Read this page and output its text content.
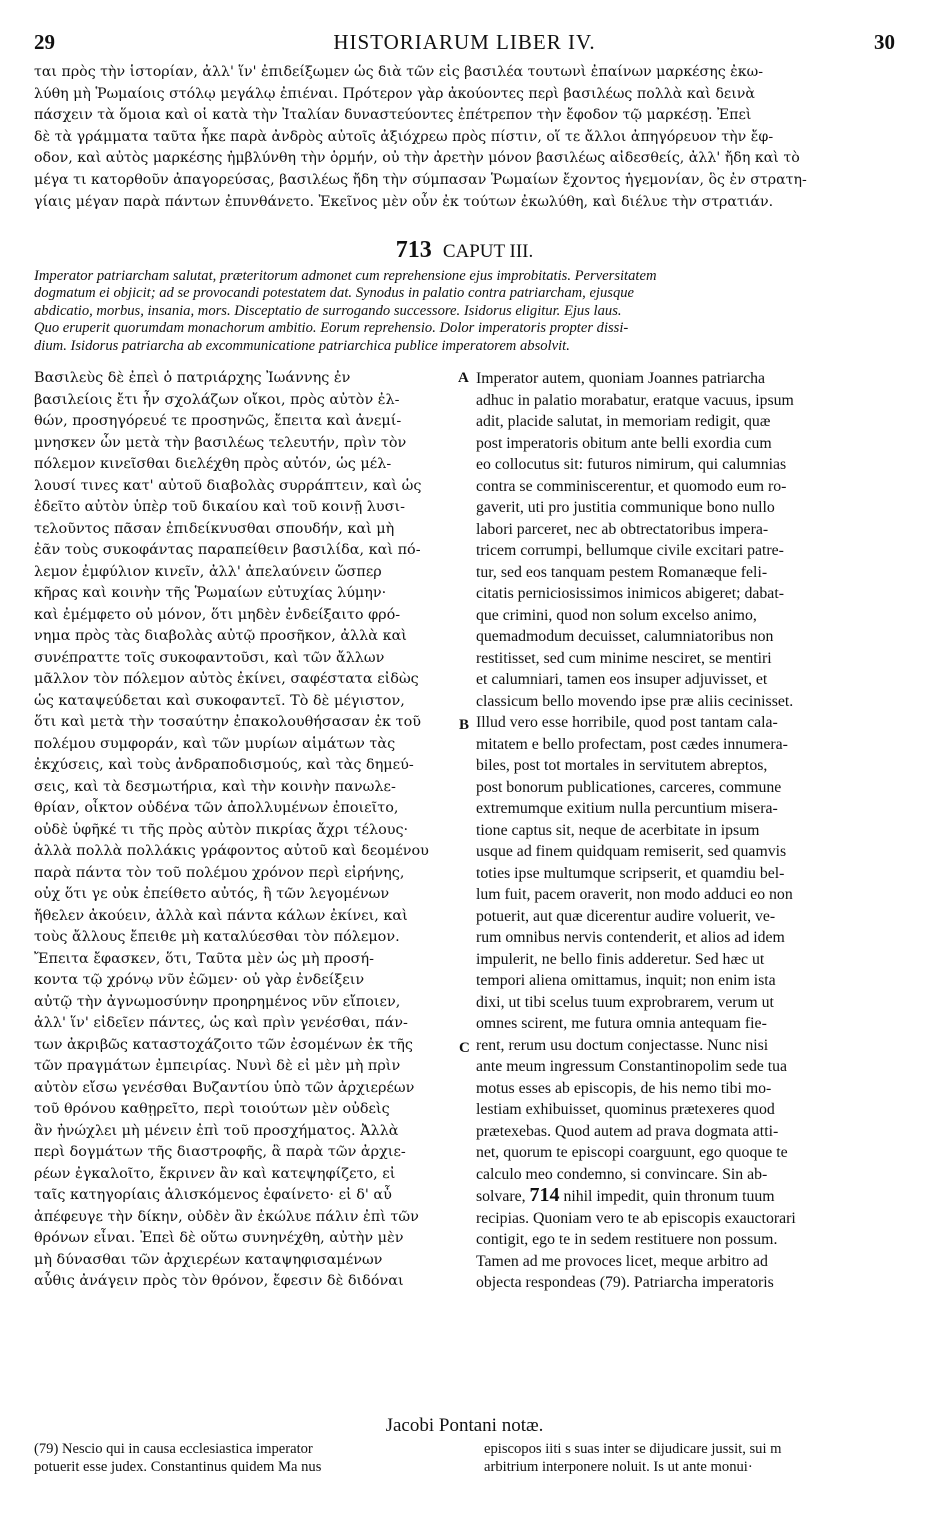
29	HISTORIARUM LIBER IV.	30

ται πρὸς τὴν ἱστορίαν, ἀλλ' ἵν' ἐπιδείξωμεν ὡς διὰ τῶν εἰς βασιλέα τουτωνὶ ἐπαίνων μαρκέσης ἐκω-

λύθη μὴ Ῥωμαίοις στόλῳ μεγάλῳ ἐπιέναι. Πρότερον γὰρ ἀκούοντες περὶ βασιλέως πολλὰ καὶ δεινὰ

πάσχειν τὰ ὅμοια καὶ οἱ κατὰ τὴν Ἰταλίαν δυναστεύοντες ἐπέτρεπον τὴν ἔφοδον τῷ μαρκέσῃ. Ἐπεὶ

δὲ τὰ γράμματα ταῦτα ἧκε παρὰ ἀνδρὸς αὐτοῖς ἀξιόχρεω πρὸς πίστιν, οἵ τε ἄλλοι ἀπηγόρευον τὴν ἔφ-

οδον, καὶ αὐτὸς μαρκέσης ἠμβλύνθη τὴν ὁρμήν, οὐ τὴν ἀρετὴν μόνον βασιλέως αἰδεσθείς, ἀλλ' ἤδη καὶ τὸ

μέγα τι κατορθοῦν ἀπαγορεύσας, βασιλέως ἤδη τὴν σύμπασαν Ῥωμαίων ἔχοντος ἡγεμονίαν, ὃς ἐν στρατη-

γίαις μέγαν παρὰ πάντων ἐπυνθάνετο. Ἐκεῖνος μὲν οὖν ἐκ τούτων ἐκωλύθη, καὶ διέλυε τὴν στρατιάν.

713 CAPUT III.

Imperator patriarcham salutat, præteritorum admonet cum reprehensione ejus improbitatis. Perversitatem

dogmatum ei objicit; ad se provocandi potestatem dat. Synodus in palatio contra patriarcham, ejusque

abdicatio, morbus, insania, mors. Disceptatio de surrogando successore. Isidorus eligitur. Ejus laus.

Quo eruperit quorumdam monachorum ambitio. Eorum reprehensio. Dolor imperatoris propter dissi-

dium. Isidorus patriarcha ab excommunicatione patriarchica publice imperatorem absolvit.

Βασιλεὺς δὲ ἐπεὶ ὁ πατριάρχης Ἰωάννης ἐν

βασιλείοις ἔτι ἦν σχολάζων οἴκοι, πρὸς αὐτὸν ἐλ-

θών, προσηγόρευέ τε προσηνῶς, ἔπειτα καὶ ἀνεμί-

μνησκεν ὧν μετὰ τὴν βασιλέως τελευτήν, πρὶν τὸν

πόλεμον κινεῖσθαι διελέχθη πρὸς αὐτόν, ὡς μέλ-

λουσί τινες κατ' αὐτοῦ διαβολὰς συρράπτειν, καὶ ὡς

ἐδεῖτο αὐτὸν ὑπὲρ τοῦ δικαίου καὶ τοῦ κοινῇ λυσι-

τελοῦντος πᾶσαν ἐπιδείκνυσθαι σπουδήν, καὶ μὴ

ἐᾶν τοὺς συκοφάντας παραπείθειν βασιλίδα, καὶ πό-

λεμον ἐμφύλιον κινεῖν, ἀλλ' ἀπελαύνειν ὥσπερ

κῆρας καὶ κοινὴν τῆς Ῥωμαίων εὐτυχίας λύμην·

καὶ ἐμέμφετο οὐ μόνον, ὅτι μηδὲν ἐνδείξαιτο φρό-

νημα πρὸς τὰς διαβολὰς αὐτῷ προσῆκον, ἀλλὰ καὶ

συνέπραττε τοῖς συκοφαντοῦσι, καὶ τῶν ἄλλων

μᾶλλον τὸν πόλεμον αὐτὸς ἐκίνει, σαφέστατα εἰδὼς

ὡς καταψεύδεται καὶ συκοφαντεῖ. Τὸ δὲ μέγιστον,

ὅτι καὶ μετὰ τὴν τοσαύτην ἐπακολουθήσασαν ἐκ τοῦ

πολέμου συμφοράν, καὶ τῶν μυρίων αἱμάτων τὰς

ἐκχύσεις, καὶ τοὺς ἀνδραποδισμούς, καὶ τὰς δημεύ-

σεις, καὶ τὰ δεσμωτήρια, καὶ τὴν κοινὴν πανωλε-

θρίαν, οἶκτον οὐδένα τῶν ἀπολλυμένων ἐποιεῖτο,

οὐδὲ ὑφῆκέ τι τῆς πρὸς αὐτὸν πικρίας ἄχρι τέλους·

ἀλλὰ πολλὰ πολλάκις γράφοντος αὐτοῦ καὶ δεομένου

παρὰ πάντα τὸν τοῦ πολέμου χρόνον περὶ εἰρήνης,

οὐχ ὅτι γε οὐκ ἐπείθετο αὐτός, ἢ τῶν λεγομένων

ἤθελεν ἀκούειν, ἀλλὰ καὶ πάντα κάλων ἐκίνει, καὶ

τοὺς ἄλλους ἔπειθε μὴ καταλύεσθαι τὸν πόλεμον.

Ἔπειτα ἔφασκεν, ὅτι, Ταῦτα μὲν ὡς μὴ προσή-

κοντα τῷ χρόνῳ νῦν ἐῶμεν· οὐ γὰρ ἐνδείξειν

αὐτῷ τὴν ἀγνωμοσύνην προηρημένος νῦν εἴποιεν,

ἀλλ' ἵν' εἰδεῖεν πάντες, ὡς καὶ πρὶν γενέσθαι, πάν-

των ἀκριβῶς καταστοχάζοιτο τῶν ἐσομένων ἐκ τῆς

τῶν πραγμάτων ἐμπειρίας. Νυνὶ δὲ εἰ μὲν μὴ πρὶν

αὐτὸν εἴσω γενέσθαι Βυζαντίου ὑπὸ τῶν ἀρχιερέων

τοῦ θρόνου καθῃρεῖτο, περὶ τοιούτων μὲν οὐδεὶς

ἂν ἠνώχλει μὴ μένειν ἐπὶ τοῦ προσχήματος. Ἀλλὰ

περὶ δογμάτων τῆς διαστροφῆς, ἃ παρὰ τῶν ἀρχιε-

ρέων ἐγκαλοῖτο, ἔκρινεν ἂν καὶ κατεψηφίζετο, εἰ

ταῖς κατηγορίαις ἁλισκόμενος ἐφαίνετο· εἰ δ' αὖ

ἀπέφευγε τὴν δίκην, οὐδὲν ἂν ἐκώλυε πάλιν ἐπὶ τῶν

θρόνων εἶναι. Ἐπεὶ δὲ οὕτω συνηνέχθη, αὐτὴν μὲν

μὴ δύνασθαι τῶν ἀρχιερέων καταψηφισαμένων

αὖθις ἀνάγειν πρὸς τὸν θρόνον, ἔφεσιν δὲ διδόναι

A
B
C

Imperator autem, quoniam Joannes patriarcha

adhuc in palatio morabatur, eratque vacuus, ipsum

adit, placide salutat, in memoriam redigit, quæ

post imperatoris obitum ante belli exordia cum

eo collocutus sit: futuros nimirum, qui calumnias

contra se comminiscerentur, et quomodo eum ro-

gaverit, uti pro justitia communique bono nullo

labori parceret, nec ab obtrectatoribus impera-

tricem corrumpi, bellumque civile excitari patre-

tur, sed eos tanquam pestem Romanæque feli-

citatis perniciosissimos inimicos abigeret; dabat-

que crimini, quod non solum excelso animo,

quemadmodum decuisset, calumniatoribus non

restitisset, sed cum minime nesciret, se mentiri

et calumniari, tamen eos insuper adjuvisset, et

classicum bello movendo ipse præ aliis cecinisset.

Illud vero esse horribile, quod post tantam cala-

mitatem e bello profectam, post cædes innumera-

biles, post tot mortales in servitutem abreptos,

post bonorum publicationes, carceres, commune

extremumque exitium nulla percuntium misera-

tione captus sit, neque de acerbitate in ipsum

usque ad finem quidquam remiserit, sed quamvis

toties ipse multumque scripserit, et quamdiu bel-

lum fuit, pacem oraverit, non modo adduci eo non

potuerit, aut quæ dicerentur audire voluerit, ve-

rum omnibus nervis contenderit, et alios ad idem

impulerit, ne bello finis adderetur. Sed hæc ut

tempori aliena omittamus, inquit; non enim ista

dixi, ut tibi scelus tuum exprobrarem, verum ut

omnes scirent, me futura omnia antequam fie-

rent, rerum usu doctum conjectasse. Nunc nisi

ante meum ingressum Constantinopolim sede tua

motus esses ab episcopis, de his nemo tibi mo-

lestiam exhibuisset, quominus prætexeres quod

prætexebas. Quod autem ad prava dogmata atti-

net, quorum te episcopi coarguunt, ego quoque te

calculo meo condemno, si convincare. Sin ab-

solvare, 714 nihil impedit, quin thronum tuum

recipias. Quoniam vero te ab episcopis exauctorari

contigit, ego te in sedem restituere non possum.

Tamen ad me provoces licet, meque arbitro ad

objecta respondeas (79). Patriarcha imperatoris

Jacobi Pontani notæ.

(79) Nescio qui in causa ecclesiastica imperator

potuerit esse judex. Constantinus quidem Ma nus

episcopos iiti s suas inter se dijudicare jussit, sui m

arbitrium interponere noluit. Is ut ante monui·
